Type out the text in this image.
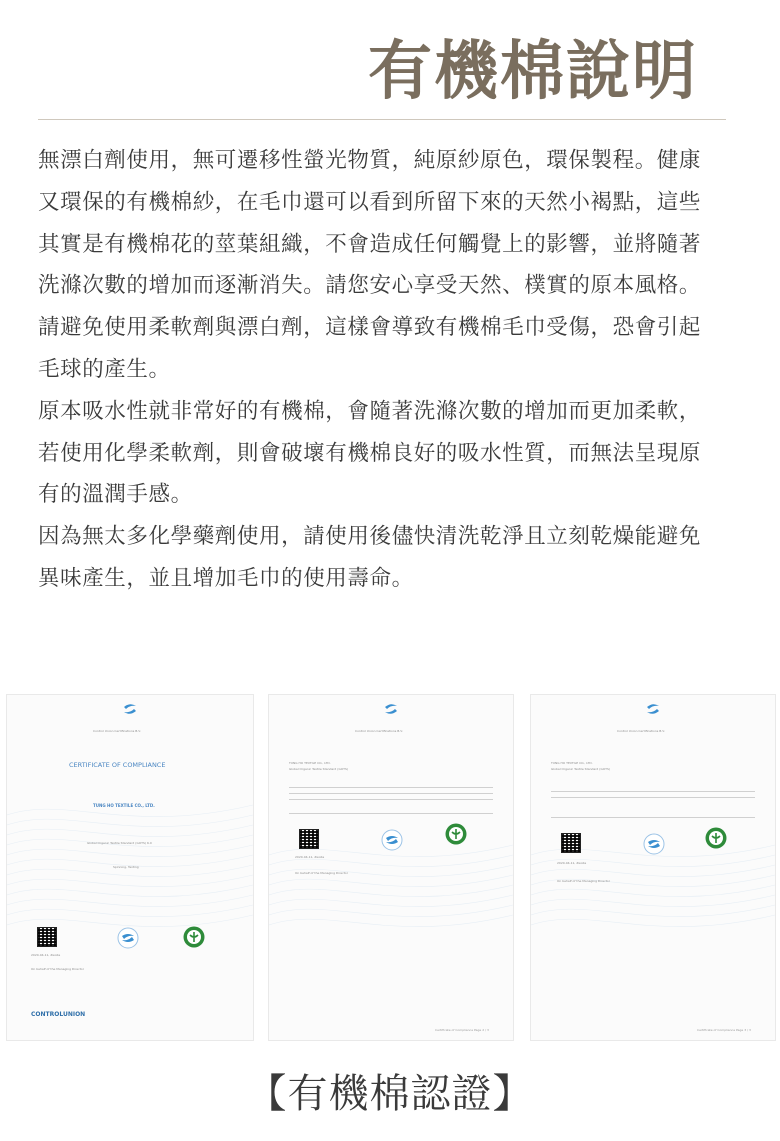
有機棉說明

無漂白劑使用，無可遷移性螢光物質，純原紗原色，環保製程。健康又環保的有機棉紗，在毛巾還可以看到所留下來的天然小褐點，這些其實是有機棉花的莖葉組織，不會造成任何觸覺上的影響，並將隨著洗滌次數的增加而逐漸消失。請您安心享受天然、樸實的原本風格。

請避免使用柔軟劑與漂白劑，這樣會導致有機棉毛巾受傷，恐會引起毛球的產生。

原本吸水性就非常好的有機棉，會隨著洗滌次數的增加而更加柔軟，若使用化學柔軟劑，則會破壞有機棉良好的吸水性質，而無法呈現原有的溫潤手感。

因為無太多化學藥劑使用，請使用後儘快清洗乾淨且立刻乾燥能避免異味產生，並且增加毛巾的使用壽命。

Control Union Certifications B.V.
CERTIFICATE OF COMPLIANCE
TUNG HO TEXTILE CO., LTD.
Global Organic Textile Standard (GOTS) 6.0
Spinning, Texting
2020-04-11, Zwolle
On behalf of the Managing Director
CONTROLUNION
Control Union Certifications B.V.
TUNG HO TEXTILE CO., LTD.
Global Organic Textile Standard (GOTS)
2020-04-11, Zwolle
On behalf of the Managing Director
Certificate of Compliance Page 2 / 3
Control Union Certifications B.V.
TUNG HO TEXTILE CO., LTD.
Global Organic Textile Standard (GOTS)
2020-04-11, Zwolle
On behalf of the Managing Director
Certificate of Compliance Page 3 / 3
【有機棉認證】
